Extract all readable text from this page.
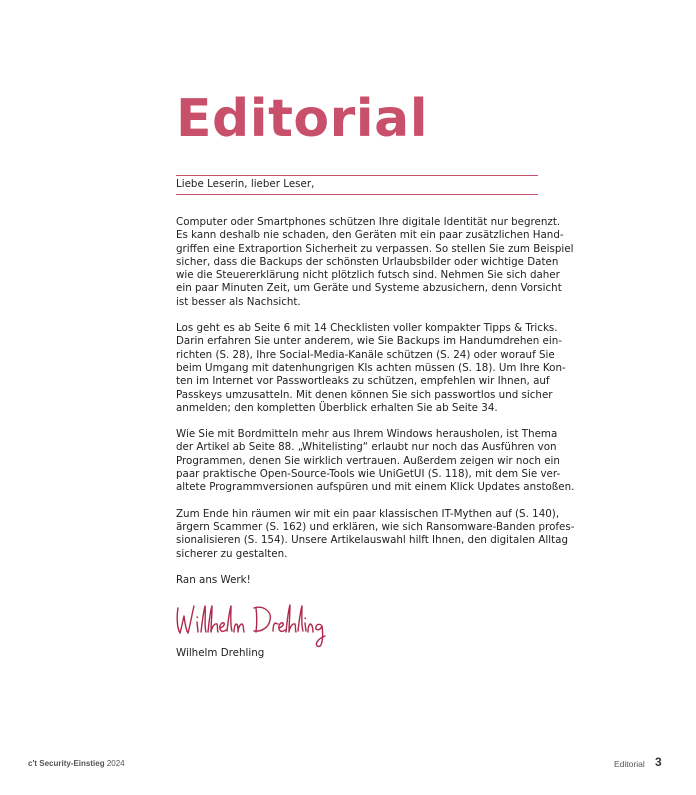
Editorial
Liebe Leserin, lieber Leser,

Computer oder Smartphones schützen Ihre digitale Identität nur begrenzt.
Es kann deshalb nie schaden, den Geräten mit ein paar zusätzlichen Hand-
griffen eine Extraportion Sicherheit zu verpassen. So stellen Sie zum Beispiel
sicher, dass die Backups der schönsten Urlaubsbilder oder wichtige Daten
wie die Steuererklärung nicht plötzlich futsch sind. Nehmen Sie sich daher
ein paar Minuten Zeit, um Geräte und Systeme abzusichern, denn Vorsicht
ist besser als Nachsicht.

Los geht es ab Seite 6 mit 14 Checklisten voller kompakter Tipps & Tricks.
Darin erfahren Sie unter anderem, wie Sie Backups im Handumdrehen ein-
richten (S. 28), Ihre Social-Media-Kanäle schützen (S. 24) oder worauf Sie
beim Umgang mit datenhungrigen KIs achten müssen (S. 18). Um Ihre Kon-
ten im Internet vor Passwortleaks zu schützen, empfehlen wir Ihnen, auf
Passkeys umzusatteln. Mit denen können Sie sich passwortlos und sicher
anmelden; den kompletten Überblick erhalten Sie ab Seite 34.

Wie Sie mit Bordmitteln mehr aus Ihrem Windows herausholen, ist Thema
der Artikel ab Seite 88. „Whitelisting“ erlaubt nur noch das Ausführen von
Programmen, denen Sie wirklich vertrauen. Außerdem zeigen wir noch ein
paar praktische Open-Source-Tools wie UniGetUI (S. 118), mit dem Sie ver-
altete Programmversionen aufspüren und mit einem Klick Updates anstoßen.

Zum Ende hin räumen wir mit ein paar klassischen IT-Mythen auf (S. 140),
ärgern Scammer (S. 162) und erklären, wie sich Ransomware-Banden profes-
sionalisieren (S. 154). Unsere Artikelauswahl hilft Ihnen, den digitalen Alltag
sicherer zu gestalten.

Ran ans Werk!

Wilhelm Drehling
c't Security-Einstieg 2024	Editorial 3
